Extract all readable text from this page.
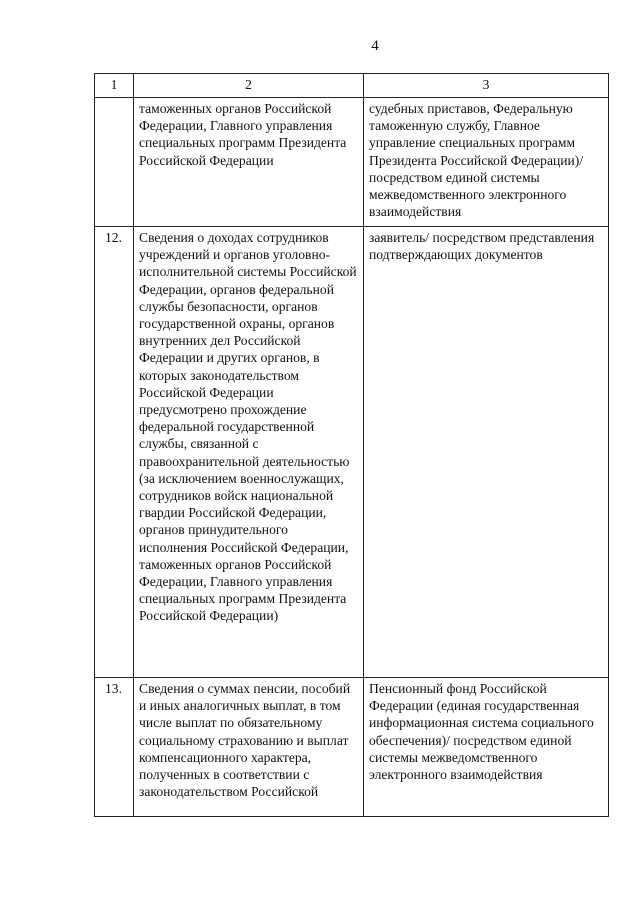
4
1	2	3
	таможенных органов Российской Федерации, Главного управления специальных программ Президента Российской Федерации	судебных приставов, Федеральную таможенную службу, Главное управление специальных программ Президента Российской Федерации)/ посредством единой системы межведомственного электронного взаимодействия
12.	Сведения о доходах сотрудников учреждений и органов уголовно-исполнительной системы Российской Федерации, органов федеральной службы безопасности, органов государственной охраны, органов внутренних дел Российской Федерации и других органов, в которых законодательством Российской Федерации предусмотрено прохождение федеральной государственной службы, связанной с правоохранительной деятельностью (за исключением военнослужащих, сотрудников войск национальной гвардии Российской Федерации, органов принудительного исполнения Российской Федерации, таможенных органов Российской Федерации, Главного управления специальных программ Президента Российской Федерации)	заявитель/ посредством представления подтверждающих документов
13.	Сведения о суммах пенсии, пособий и иных аналогичных выплат, в том числе выплат по обязательному социальному страхованию и выплат компенсационного характера, полученных в соответствии с законодательством Российской	Пенсионный фонд Российской Федерации (единая государственная информационная система социального обеспечения)/ посредством единой системы межведомственного электронного взаимодействия
